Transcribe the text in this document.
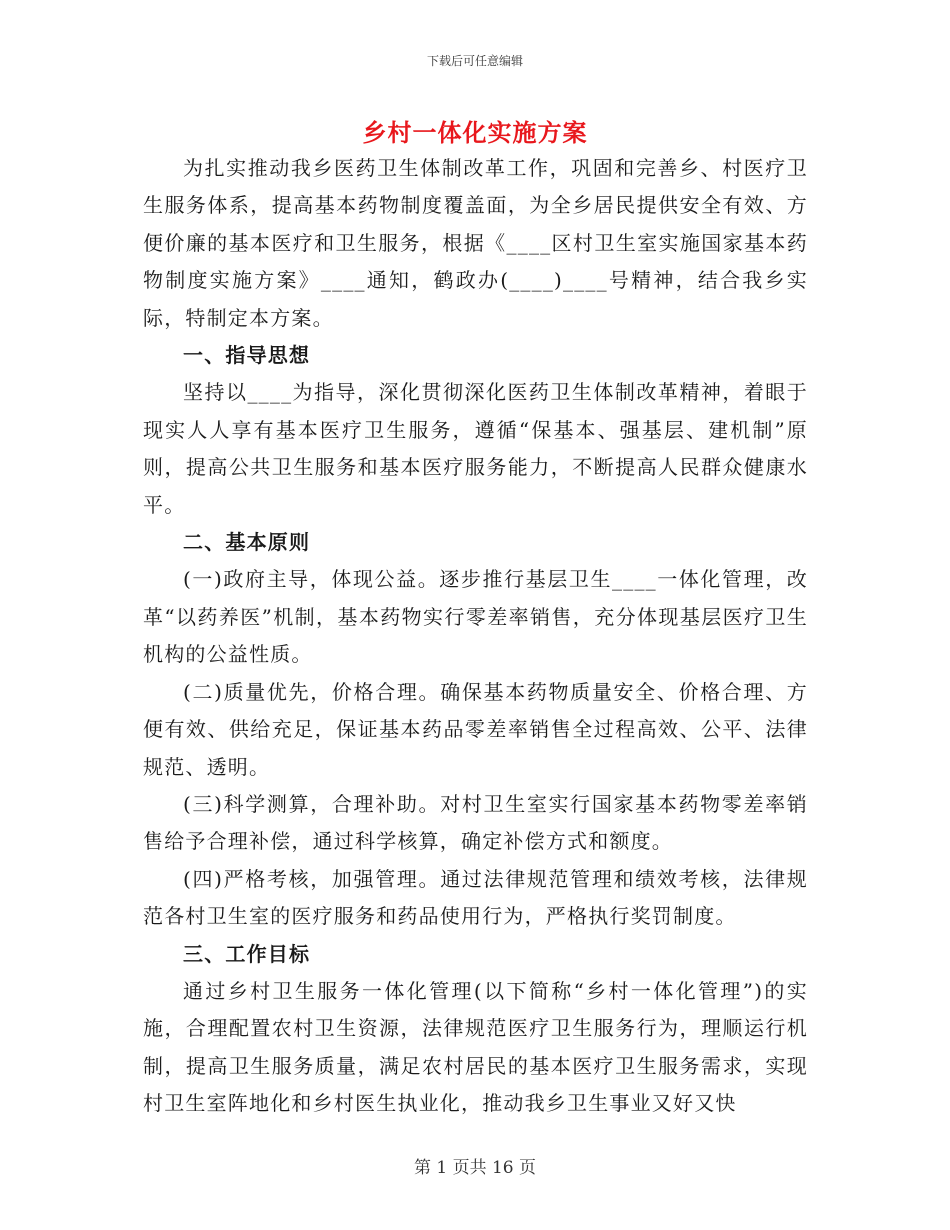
下载后可任意编辑
乡村一体化实施方案

为扎实推动我乡医药卫生体制改革工作，巩固和完善乡、村医疗卫生服务体系，提高基本药物制度覆盖面，为全乡居民提供安全有效、方便价廉的基本医疗和卫生服务，根据《____区村卫生室实施国家基本药物制度实施方案》____通知，鹤政办(____)____号精神，结合我乡实际，特制定本方案。

一、指导思想

坚持以____为指导，深化贯彻深化医药卫生体制改革精神，着眼于现实人人享有基本医疗卫生服务，遵循“保基本、强基层、建机制”原则，提高公共卫生服务和基本医疗服务能力，不断提高人民群众健康水平。

二、基本原则

(一)政府主导，体现公益。逐步推行基层卫生____一体化管理，改革“以药养医”机制，基本药物实行零差率销售，充分体现基层医疗卫生机构的公益性质。

(二)质量优先，价格合理。确保基本药物质量安全、价格合理、方便有效、供给充足，保证基本药品零差率销售全过程高效、公平、法律规范、透明。

(三)科学测算，合理补助。对村卫生室实行国家基本药物零差率销售给予合理补偿，通过科学核算，确定补偿方式和额度。

(四)严格考核，加强管理。通过法律规范管理和绩效考核，法律规范各村卫生室的医疗服务和药品使用行为，严格执行奖罚制度。

三、工作目标

通过乡村卫生服务一体化管理(以下简称“乡村一体化管理”)的实施，合理配置农村卫生资源，法律规范医疗卫生服务行为，理顺运行机制，提高卫生服务质量，满足农村居民的基本医疗卫生服务需求，实现村卫生室阵地化和乡村医生执业化，推动我乡卫生事业又好又快

第 1 页共 16 页
